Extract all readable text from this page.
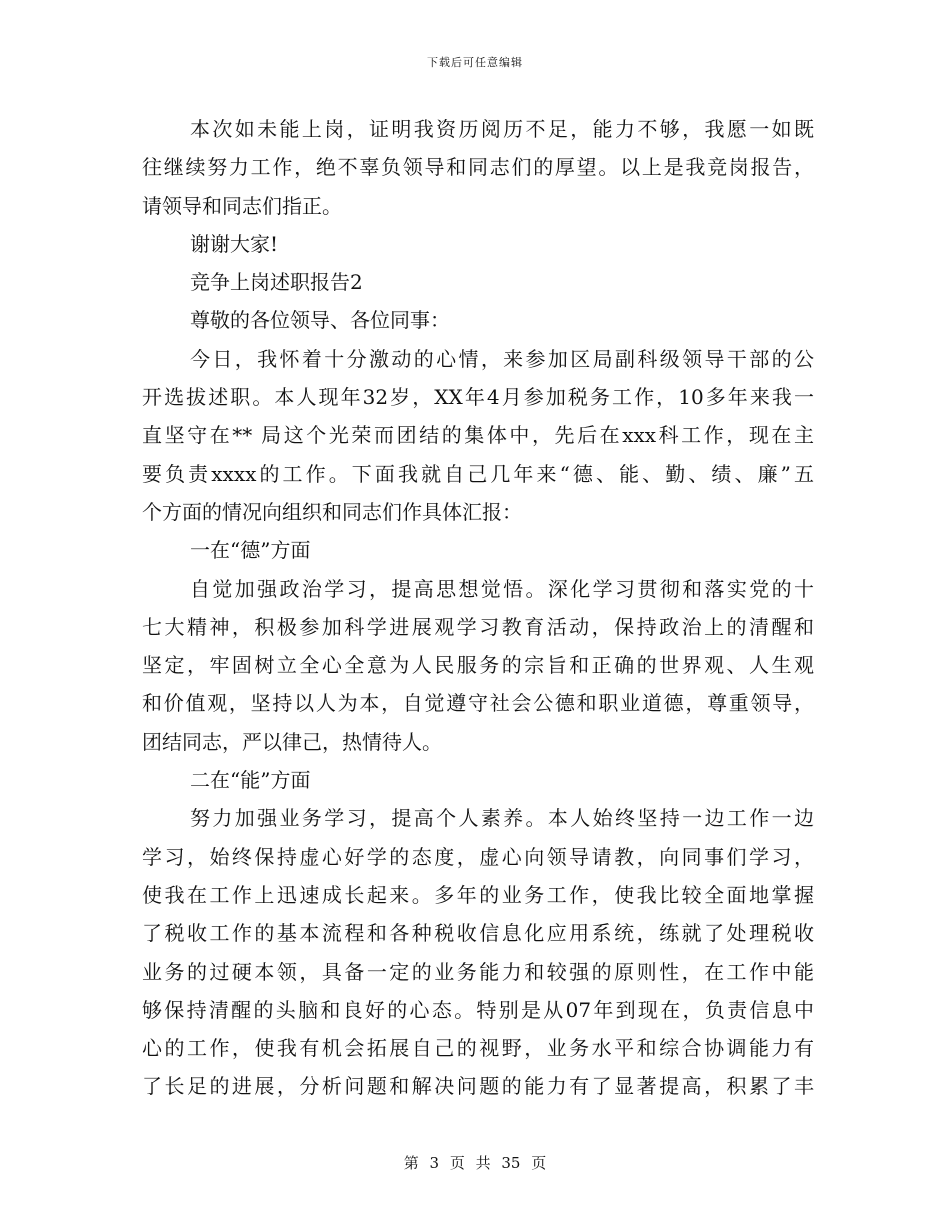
下载后可任意编辑
本次如未能上岗，证明我资历阅历不足，能力不够，我愿一如既
往继续努力工作，绝不辜负领导和同志们的厚望。以上是我竞岗报告，
请领导和同志们指正。
谢谢大家!
竞争上岗述职报告2
尊敬的各位领导、各位同事：
今日，我怀着十分激动的心情，来参加区局副科级领导干部的公
开选拔述职。本人现年32岁，XX年4月参加税务工作，10多年来我一
直坚守在** 局这个光荣而团结的集体中，先后在xxx科工作，现在主
要负责xxxx的工作。下面我就自己几年来“德、能、勤、绩、廉”五
个方面的情况向组织和同志们作具体汇报：
一在“德”方面
自觉加强政治学习，提高思想觉悟。深化学习贯彻和落实党的十
七大精神，积极参加科学进展观学习教育活动，保持政治上的清醒和
坚定，牢固树立全心全意为人民服务的宗旨和正确的世界观、人生观
和价值观，坚持以人为本，自觉遵守社会公德和职业道德，尊重领导，
团结同志，严以律己，热情待人。
二在“能”方面
努力加强业务学习，提高个人素养。本人始终坚持一边工作一边
学习，始终保持虚心好学的态度，虚心向领导请教，向同事们学习，
使我在工作上迅速成长起来。多年的业务工作，使我比较全面地掌握
了税收工作的基本流程和各种税收信息化应用系统，练就了处理税收
业务的过硬本领，具备一定的业务能力和较强的原则性，在工作中能
够保持清醒的头脑和良好的心态。特别是从07年到现在，负责信息中
心的工作，使我有机会拓展自己的视野，业务水平和综合协调能力有
了长足的进展，分析问题和解决问题的能力有了显著提高，积累了丰
第 3 页 共 35 页
